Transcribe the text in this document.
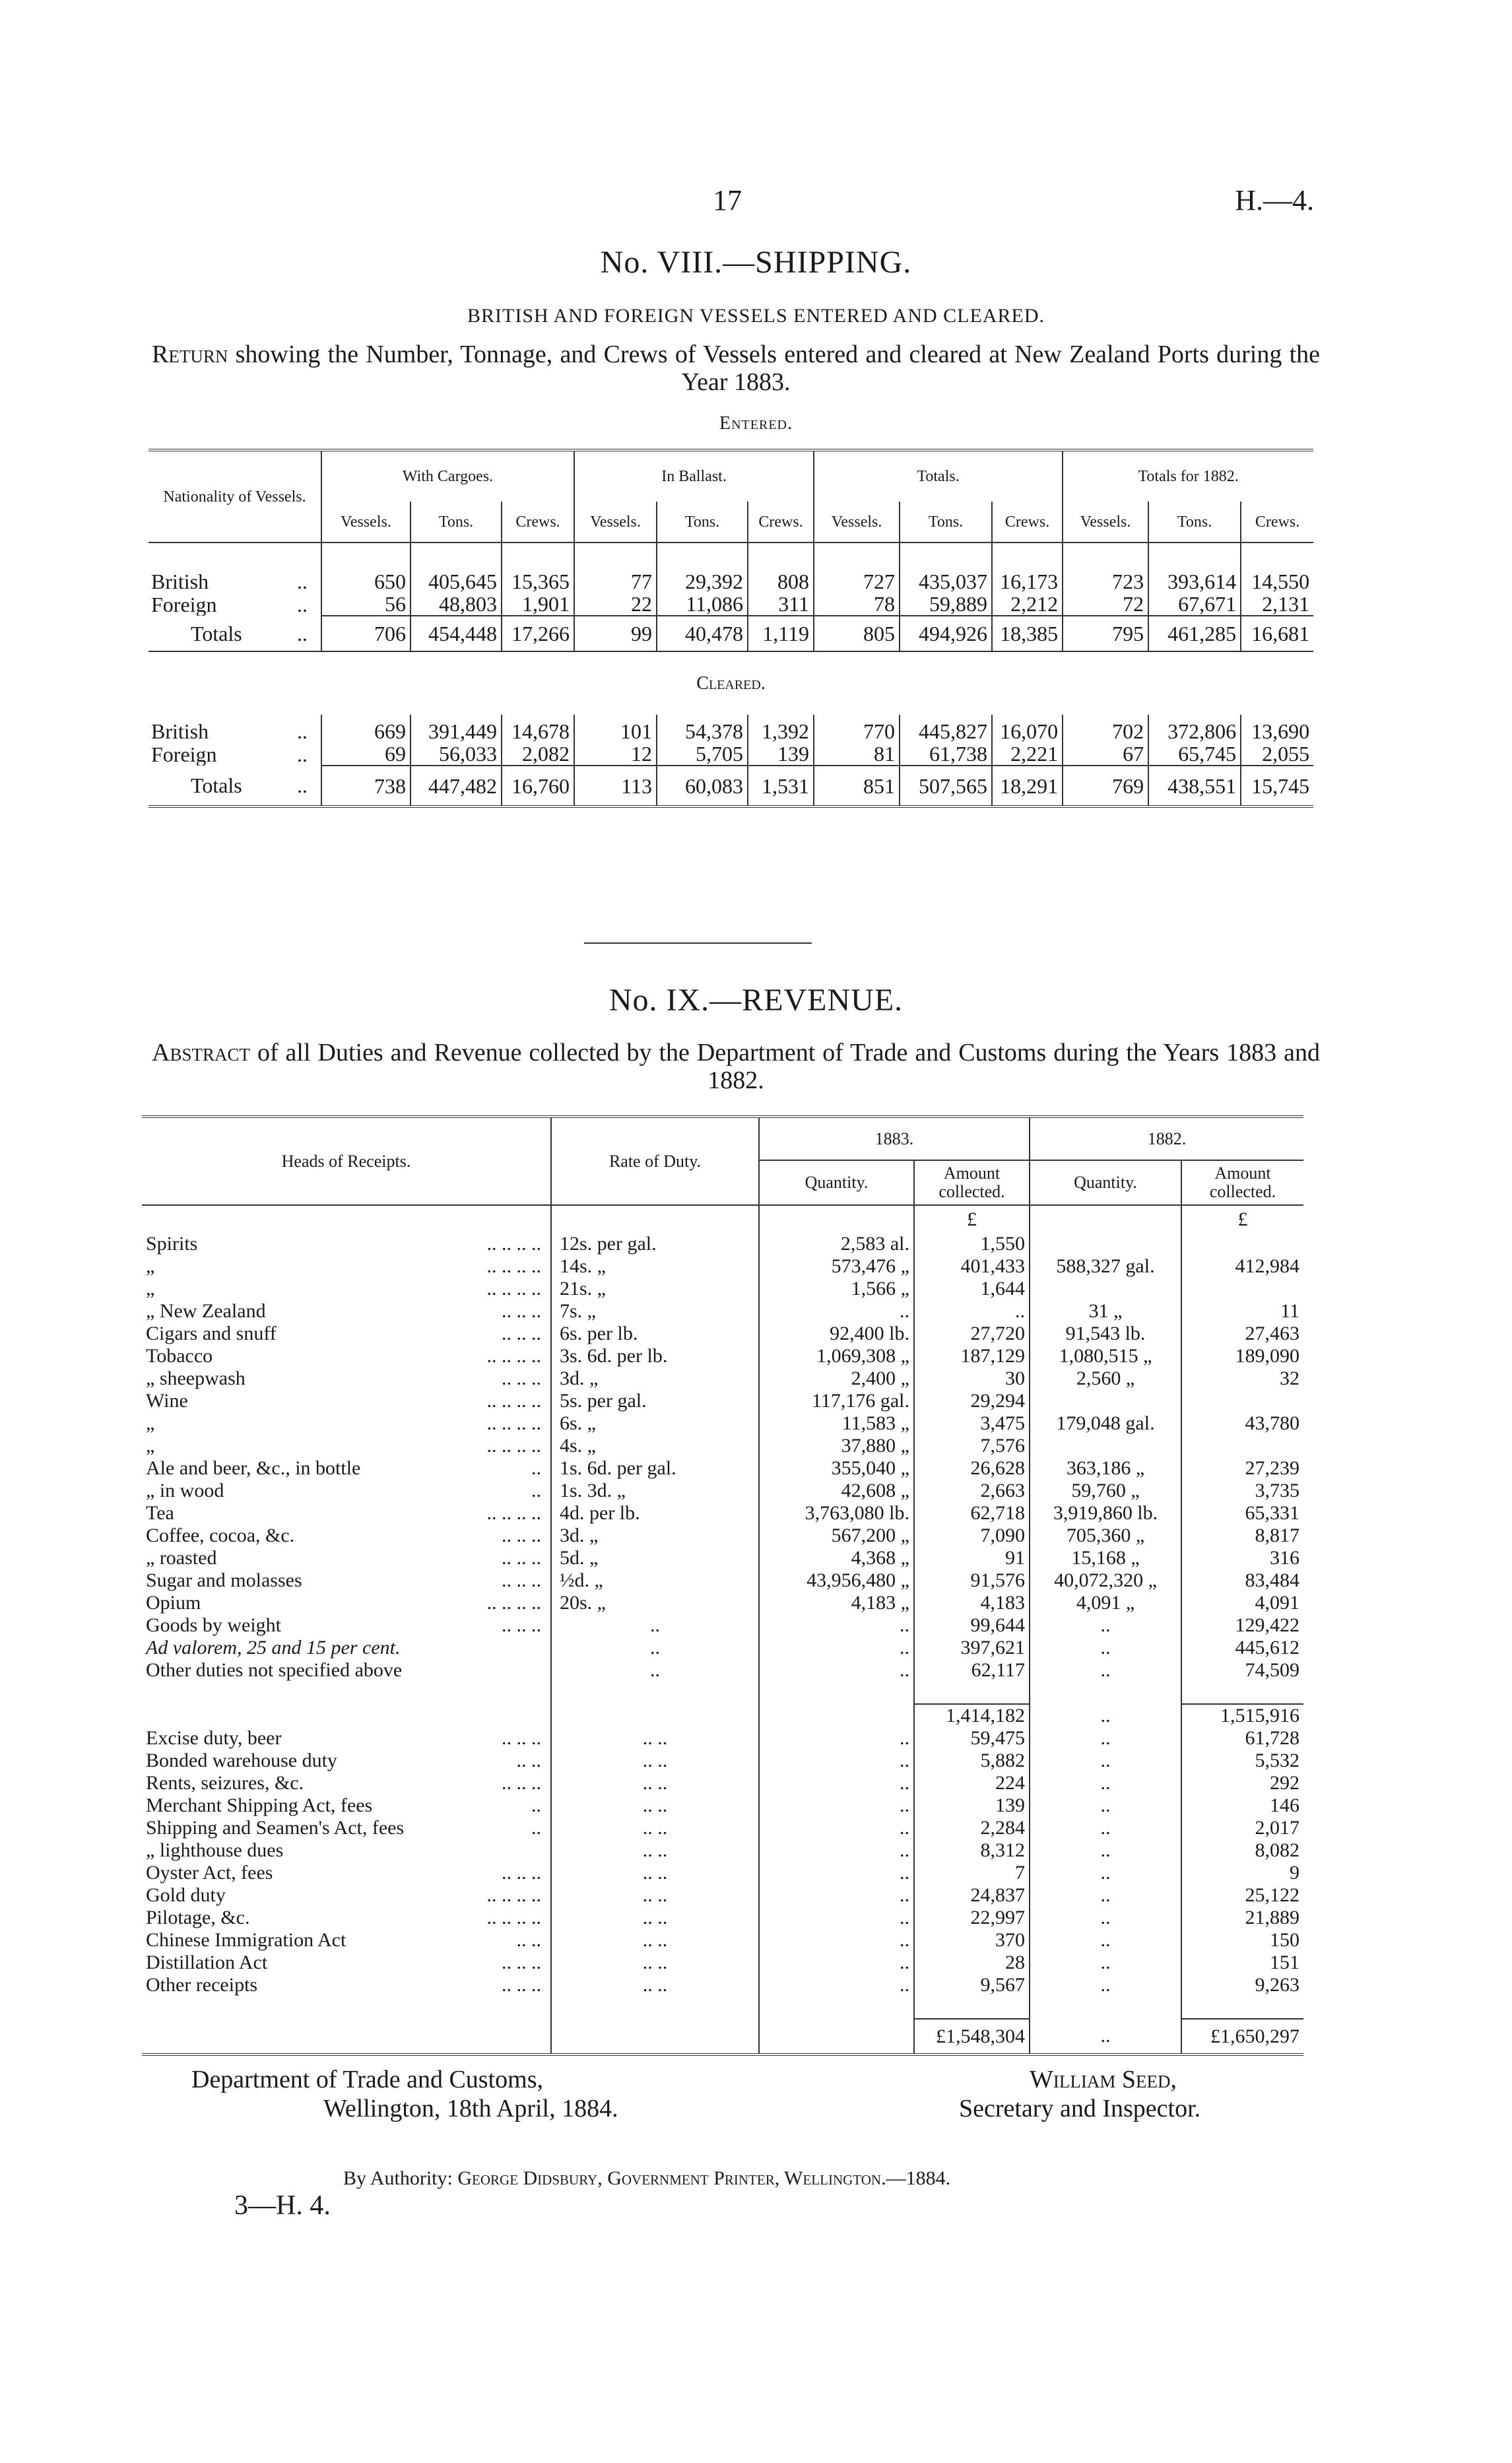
17	H.—4.
No. VIII.—SHIPPING.
BRITISH AND FOREIGN VESSELS ENTERED AND CLEARED.
Return showing the Number, Tonnage, and Crews of Vessels entered and cleared at New Zealand Ports during the Year 1883.
Entered.
Nationality of Vessels.	With Cargoes.			In Ballast.			Totals.			Totals for 1882.		
	Vessels.	Tons.	Crews.	Vessels.	Tons.	Crews.	Vessels.	Tons.	Crews.	Vessels.	Tons.	Crews.

British ..	650	405,645	15,365	77	29,392	808	727	435,037	16,173	723	393,614	14,550
Foreign ..	56	48,803	1,901	22	11,086	311	78	59,889	2,212	72	67,671	2,131
Totals ..	706	454,448	17,266	99	40,478	1,119	805	494,926	18,385	795	461,285	16,681
Cleared.												

British ..	669	391,449	14,678	101	54,378	1,392	770	445,827	16,070	702	372,806	13,690
Foreign ..	69	56,033	2,082	12	5,705	139	81	61,738	2,221	67	65,745	2,055
Totals ..	738	447,482	16,760	113	60,083	1,531	851	507,565	18,291	769	438,551	15,745
No. IX.—REVENUE.
Abstract of all Duties and Revenue collected by the Department of Trade and Customs during the Years 1883 and 1882.
Heads of Receipts.	Rate of Duty.	1883.		1882.	
		Quantity.	Amount collected.	Quantity.	Amount collected.
			£		£
Spirits .. .. .. ..	12s. per gal.	2,583 al.	1,550		
„ .. .. .. ..	14s. „	573,476 „	401,433	588,327 gal.	412,984
„ .. .. .. ..	21s. „	1,566 „	1,644		
„ New Zealand .. .. ..	7s. „	..	..	31 „	11
Cigars and snuff .. .. ..	6s. per lb.	92,400 lb.	27,720	91,543 lb.	27,463
Tobacco .. .. .. ..	3s. 6d. per lb.	1,069,308 „	187,129	1,080,515 „	189,090
„ sheepwash .. .. ..	3d. „	2,400 „	30	2,560 „	32
Wine .. .. .. ..	5s. per gal.	117,176 gal.	29,294		
„ .. .. .. ..	6s. „	11,583 „	3,475	179,048 gal.	43,780
„ .. .. .. ..	4s. „	37,880 „	7,576		
Ale and beer, &c., in bottle ..	1s. 6d. per gal.	355,040 „	26,628	363,186 „	27,239
„ in wood ..	1s. 3d. „	42,608 „	2,663	59,760 „	3,735
Tea .. .. .. ..	4d. per lb.	3,763,080 lb.	62,718	3,919,860 lb.	65,331
Coffee, cocoa, &c. .. .. ..	3d. „	567,200 „	7,090	705,360 „	8,817
„ roasted .. .. ..	5d. „	4,368 „	91	15,168 „	316
Sugar and molasses .. .. ..	½d. „	43,956,480 „	91,576	40,072,320 „	83,484
Opium .. .. .. ..	20s. „	4,183 „	4,183	4,091 „	4,091
Goods by weight .. .. ..	..	..	99,644	..	129,422
Ad valorem, 25 and 15 per cent.	..	..	397,621	..	445,612
Other duties not specified above	..	..	62,117	..	74,509

			1,414,182	..	1,515,916
Excise duty, beer .. .. ..	.. ..	..	59,475	..	61,728
Bonded warehouse duty .. ..	.. ..	..	5,882	..	5,532
Rents, seizures, &c. .. .. ..	.. ..	..	224	..	292
Merchant Shipping Act, fees ..	.. ..	..	139	..	146
Shipping and Seamen's Act, fees ..	.. ..	..	2,284	..	2,017
„ lighthouse dues	.. ..	..	8,312	..	8,082
Oyster Act, fees .. .. ..	.. ..	..	7	..	9
Gold duty .. .. .. ..	.. ..	..	24,837	..	25,122
Pilotage, &c. .. .. .. ..	.. ..	..	22,997	..	21,889
Chinese Immigration Act .. ..	.. ..	..	370	..	150
Distillation Act .. .. ..	.. ..	..	28	..	151
Other receipts .. .. ..	.. ..	..	9,567	..	9,263

			£1,548,304	..	£1,650,297
Department of Trade and Customs,
Wellington, 18th April, 1884.
William Seed,
Secretary and Inspector.
By Authority: George Didsbury, Government Printer, Wellington.—1884.
3—H. 4.
